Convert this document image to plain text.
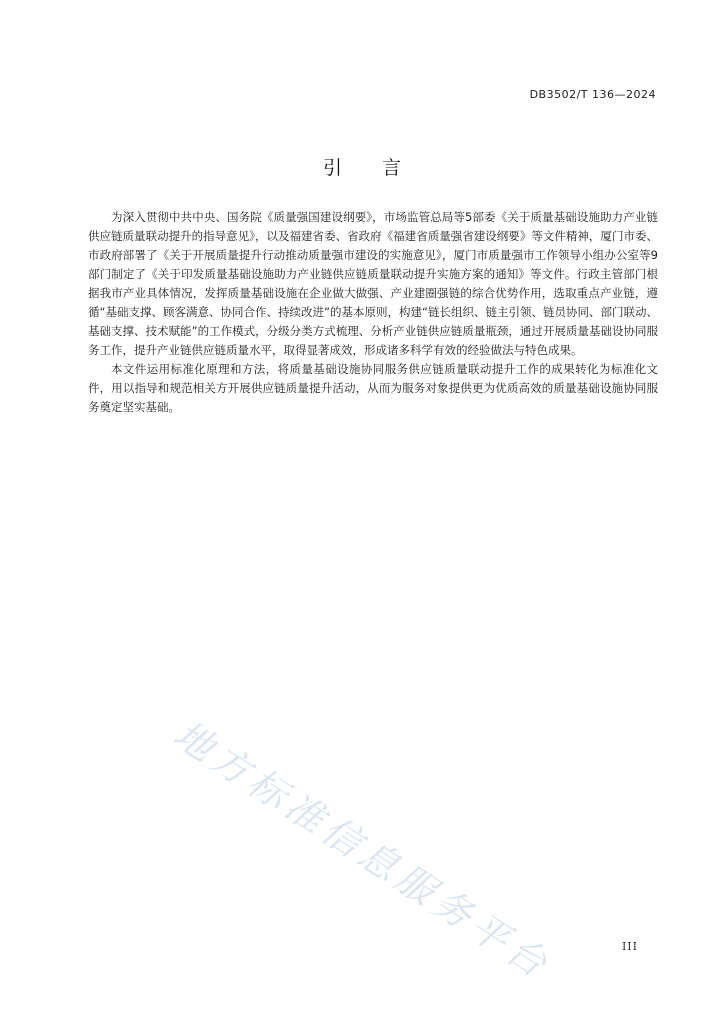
DB3502/T 136—2024
引言

为深入贯彻中共中央、国务院《质量强国建设纲要》，市场监管总局等5部委《关于质量基础设施助力产业链供应链质量联动提升的指导意见》，以及福建省委、省政府《福建省质量强省建设纲要》等文件精神，厦门市委、市政府部署了《关于开展质量提升行动推动质量强市建设的实施意见》，厦门市质量强市工作领导小组办公室等9部门制定了《关于印发质量基础设施助力产业链供应链质量联动提升实施方案的通知》等文件。行政主管部门根据我市产业具体情况，发挥质量基础设施在企业做大做强、产业建圈强链的综合优势作用，选取重点产业链，遵循“基础支撑、顾客满意、协同合作、持续改进”的基本原则，构建“链长组织、链主引领、链员协同、部门联动、基础支撑、技术赋能”的工作模式，分级分类方式梳理、分析产业链供应链质量瓶颈，通过开展质量基础设协同服务工作，提升产业链供应链质量水平，取得显著成效，形成诸多科学有效的经验做法与特色成果。

本文件运用标准化原理和方法，将质量基础设施协同服务供应链质量联动提升工作的成果转化为标准化文件，用以指导和规范相关方开展供应链质量提升活动，从而为服务对象提供更为优质高效的质量基础设施协同服务奠定坚实基础。

地方标准信息服务平台	III
